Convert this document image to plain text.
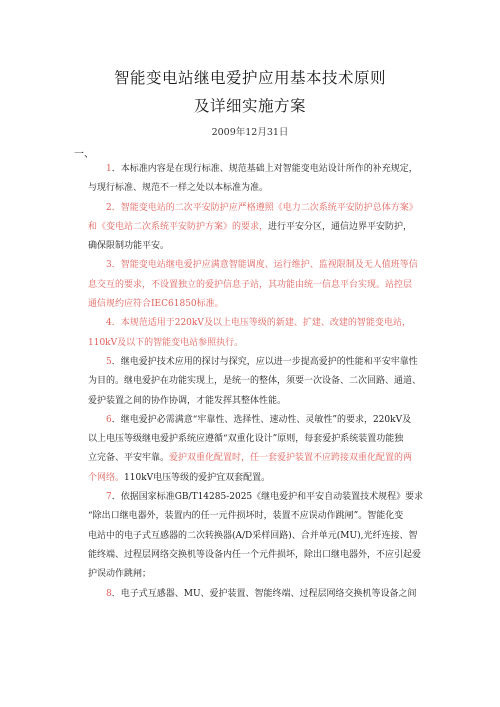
智能变电站继电爱护应用基本技术原则
及详细实施方案
2009年12月31日
一、
1．本标准内容是在现行标准、规范基础上对智能变电站设计所作的补充规定，
与现行标准、规范不一样之处以本标准为准。
2．智能变电站的二次平安防护应严格遵照《电力二次系统平安防护总体方案》
和《变电站二次系统平安防护方案》的要求，进行平安分区，通信边界平安防护，
确保限制功能平安。
3．智能变电站继电爱护应满意智能调度、运行维护、监视限制及无人值班等信
息交互的要求，不设置独立的爱护信息子站，其功能由统一信息平台实现。站控层
通信规约应符合IEC61850标准。
4．本规范适用于220kV及以上电压等级的新建、扩建、改建的智能变电站，
110kV及以下的智能变电站参照执行。
5．继电爱护技术应用的探讨与探究，应以进一步提高爱护的性能和平安牢靠性
为目的。继电爱护在功能实现上，是统一的整体，须要一次设备、二次回路、通道、
爱护装置之间的协作协调，才能发挥其整体性能。
6．继电爱护必需满意“牢靠性、选择性、速动性、灵敏性”的要求，220kV及
以上电压等级继电爱护系统应遵循“双重化设计”原则，每套爱护系统装置功能独
立完备、平安牢靠。爱护双重化配置时，任一套爱护装置不应跨接双重化配置的两
个网络。110kV电压等级的爱护宜双套配置。
7．依据国家标准GB/T14285-2025《继电爱护和平安自动装置技术规程》要求
“除出口继电器外，装置内的任一元件损坏时，装置不应误动作跳闸”。智能化变
电站中的电子式互感器的二次转换器(A/D采样回路)、合并单元(MU),光纤连接、智
能终端、过程层网络交换机等设备内任一个元件损坏，除出口继电器外，不应引起爱
护误动作跳闸；
8．电子式互感器、MU、爱护装置、智能终端、过程层网络交换机等设备之间
